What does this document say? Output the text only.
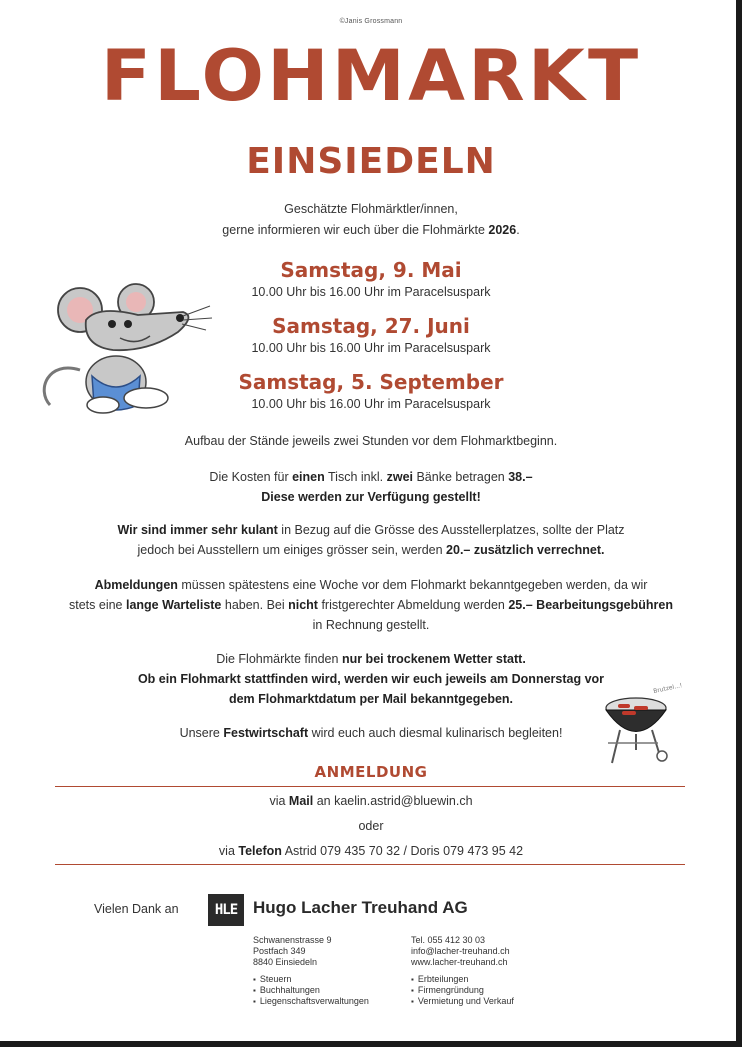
©Janis Grossmann
FLOHMARKT
EINSIEDELN
Geschätzte Flohmärktler/innen,
gerne informieren wir euch über die Flohmärkte 2026.
Samstag, 9. Mai
10.00 Uhr bis 16.00 Uhr im Paracelsuspark
Samstag, 27. Juni
10.00 Uhr bis 16.00 Uhr im Paracelsuspark
Samstag, 5. September
10.00 Uhr bis 16.00 Uhr im Paracelsuspark
Aufbau der Stände jeweils zwei Stunden vor dem Flohmarktbeginn.
Die Kosten für einen Tisch inkl. zwei Bänke betragen 38.–
Diese werden zur Verfügung gestellt!
Wir sind immer sehr kulant in Bezug auf die Grösse des Ausstellerplatzes, sollte der Platz
jedoch bei Ausstellern um einiges grösser sein, werden 20.– zusätzlich verrechnet.
Abmeldungen müssen spätestens eine Woche vor dem Flohmarkt bekanntgegeben werden, da wir
stets eine lange Warteliste haben. Bei nicht fristgerechter Abmeldung werden 25.– Bearbeitungsgebühren
in Rechnung gestellt.
Die Flohmärkte finden nur bei trockenem Wetter statt.
Ob ein Flohmarkt stattfinden wird, werden wir euch jeweils am Donnerstag vor
dem Flohmarktdatum per Mail bekanntgegeben.
Unsere Festwirtschaft wird euch auch diesmal kulinarisch begleiten!
Brutzel...!
ANMELDUNG
via Mail an kaelin.astrid@bluewin.ch
oder
via Telefon Astrid 079 435 70 32 / Doris 079 473 95 42
Vielen Dank an	HLE Hugo Lacher Treuhand AG
Schwanenstrasse 9
Postfach 349
8840 Einsiedeln
Tel. 055 412 30 03
info@lacher-treuhand.ch
www.lacher-treuhand.ch
▪ Steuern
▪ Buchhaltungen
▪ Liegenschaftsverwaltungen
▪ Erbteilungen
▪ Firmengründung
▪ Vermietung und Verkauf
